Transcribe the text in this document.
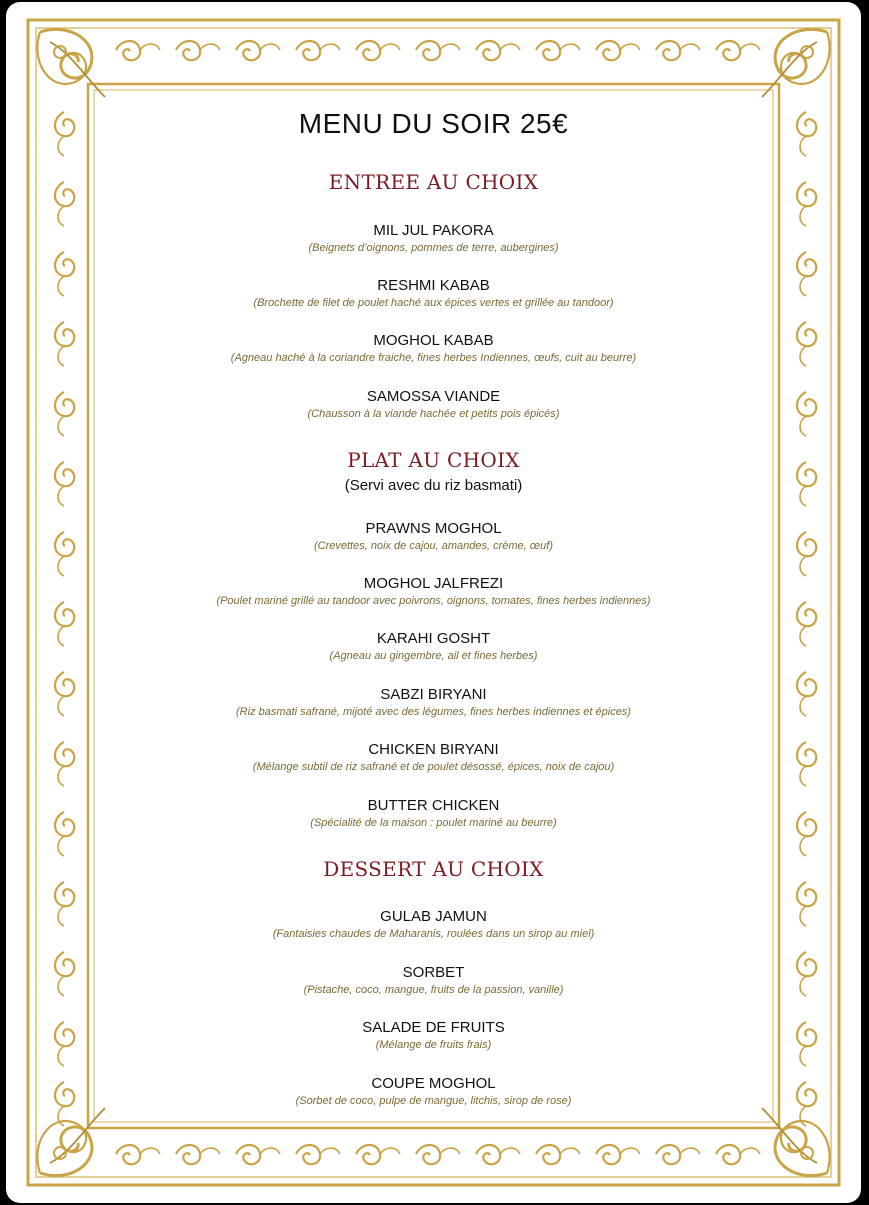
MENU DU SOIR 25€
ENTREE AU CHOIX
MIL JUL PAKORA
(Beignets d’oignons, pommes de terre, aubergines)
RESHMI KABAB
(Brochette de filet de poulet haché aux épices vertes et grillée au tandoor)
MOGHOL KABAB
(Agneau haché à la coriandre fraiche, fines herbes Indiennes, œufs, cuit au beurre)
SAMOSSA VIANDE
(Chausson à la viande hachée et petits pois épicés)
PLAT AU CHOIX
(Servi avec du riz basmati)
PRAWNS MOGHOL
(Crevettes, noix de cajou, amandes, crème, œuf)
MOGHOL JALFREZI
(Poulet mariné grillé au tandoor avec poivrons, oignons, tomates, fines herbes indiennes)
KARAHI GOSHT
(Agneau au gingembre, ail et fines herbes)
SABZI BIRYANI
(Riz basmati safrané, mijoté avec des légumes, fines herbes indiennes et épices)
CHICKEN BIRYANI
(Mélange subtil de riz safrané et de poulet désossé, épices, noix de cajou)
BUTTER CHICKEN
(Spécialité de la maison : poulet mariné au beurre)
DESSERT AU CHOIX
GULAB JAMUN
(Fantaisies chaudes de Maharanis, roulées dans un sirop au miel)
SORBET
(Pistache, coco, mangue, fruits de la passion, vanille)
SALADE DE FRUITS
(Mélange de fruits frais)
COUPE MOGHOL
(Sorbet de coco, pulpe de mangue, litchis, sirop de rose)
